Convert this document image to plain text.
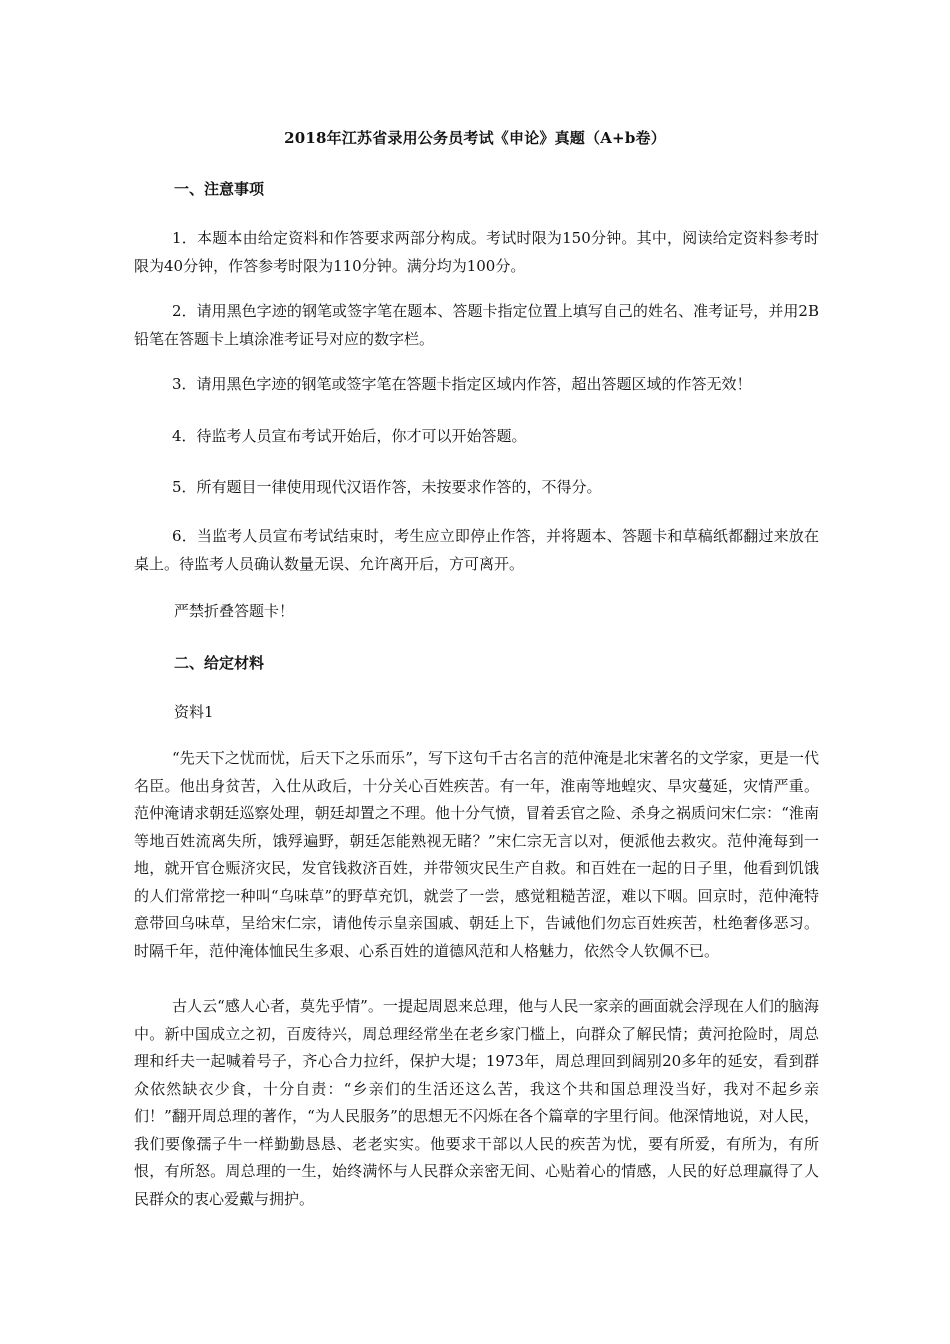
2018年江苏省录用公务员考试《申论》真题（A+b卷）
一、注意事项
1．本题本由给定资料和作答要求两部分构成。考试时限为150分钟。其中，阅读给定资料参考时限为40分钟，作答参考时限为110分钟。满分均为100分。
2．请用黑色字迹的钢笔或签字笔在题本、答题卡指定位置上填写自己的姓名、准考证号，并用2B铅笔在答题卡上填涂准考证号对应的数字栏。
3．请用黑色字迹的钢笔或签字笔在答题卡指定区域内作答，超出答题区域的作答无效！
4．待监考人员宣布考试开始后，你才可以开始答题。
5．所有题目一律使用现代汉语作答，未按要求作答的，不得分。
6．当监考人员宣布考试结束时，考生应立即停止作答，并将题本、答题卡和草稿纸都翻过来放在桌上。待监考人员确认数量无误、允许离开后，方可离开。
严禁折叠答题卡！
二、给定材料
资料1
“先天下之忧而忧，后天下之乐而乐”，写下这句千古名言的范仲淹是北宋著名的文学家，更是一代名臣。他出身贫苦，入仕从政后，十分关心百姓疾苦。有一年，淮南等地蝗灾、旱灾蔓延，灾情严重。范仲淹请求朝廷巡察处理，朝廷却置之不理。他十分气愤，冒着丢官之险、杀身之祸质问宋仁宗：“淮南等地百姓流离失所，饿殍遍野，朝廷怎能熟视无睹？”宋仁宗无言以对，便派他去救灾。范仲淹每到一地，就开官仓赈济灾民，发官钱救济百姓，并带领灾民生产自救。和百姓在一起的日子里，他看到饥饿的人们常常挖一种叫“乌味草”的野草充饥，就尝了一尝，感觉粗糙苦涩，难以下咽。回京时，范仲淹特意带回乌味草，呈给宋仁宗，请他传示皇亲国戚、朝廷上下，告诫他们勿忘百姓疾苦，杜绝奢侈恶习。时隔千年，范仲淹体恤民生多艰、心系百姓的道德风范和人格魅力，依然令人钦佩不已。
古人云“感人心者，莫先乎情”。一提起周恩来总理，他与人民一家亲的画面就会浮现在人们的脑海中。新中国成立之初，百废待兴，周总理经常坐在老乡家门槛上，向群众了解民情；黄河抢险时，周总理和纤夫一起喊着号子，齐心合力拉纤，保护大堤；1973年，周总理回到阔别20多年的延安，看到群众依然缺衣少食，十分自责：“乡亲们的生活还这么苦，我这个共和国总理没当好，我对不起乡亲们！”翻开周总理的著作，“为人民服务”的思想无不闪烁在各个篇章的字里行间。他深情地说，对人民，我们要像孺子牛一样勤勤恳恳、老老实实。他要求干部以人民的疾苦为忧，要有所爱，有所为，有所恨，有所怒。周总理的一生，始终满怀与人民群众亲密无间、心贴着心的情感，人民的好总理赢得了人民群众的衷心爱戴与拥护。
